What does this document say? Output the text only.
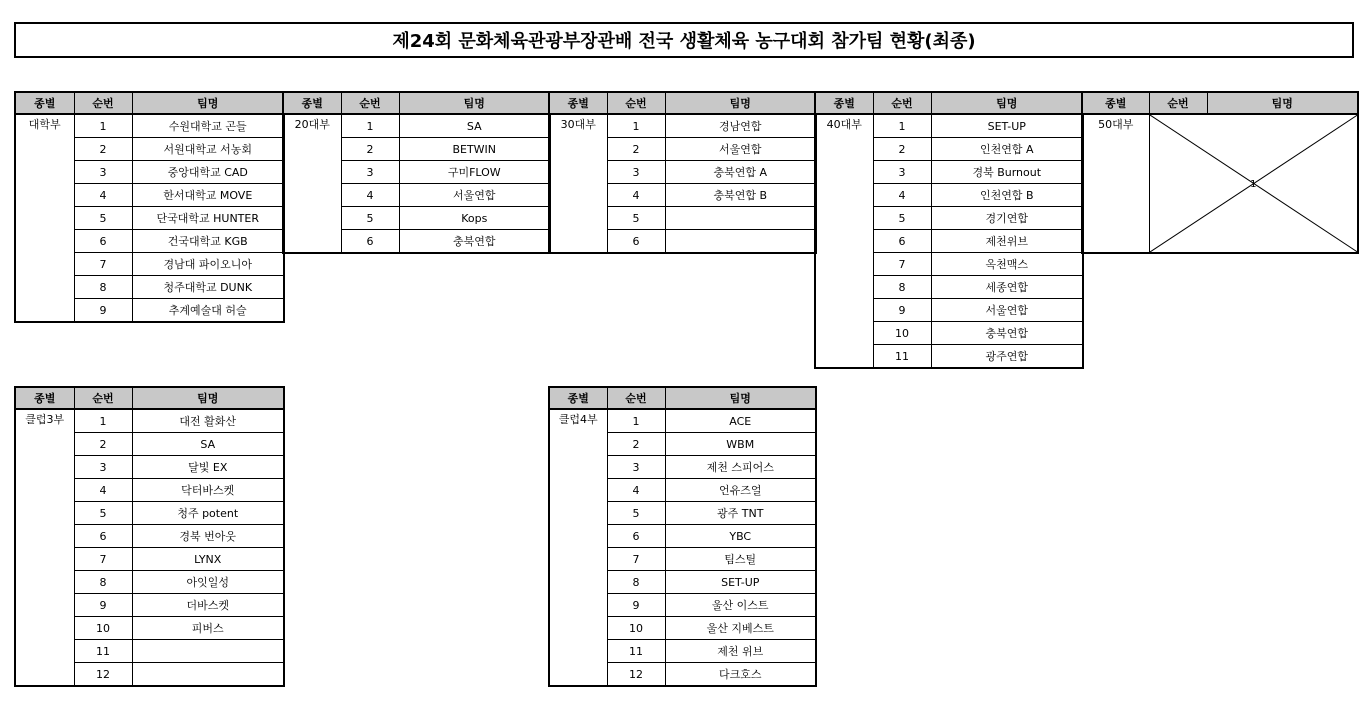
제24회 문화체육관광부장관배 전국 생활체육 농구대회 참가팀 현황(최종)
종별	순번	팀명
대학부	1	수원대학교 곤들
	2	서원대학교 서농회
	3	중앙대학교 CAD
	4	한서대학교 MOVE
	5	단국대학교 HUNTER
	6	건국대학교 KGB
	7	경남대 파이오니아
	8	청주대학교 DUNK
	9	추계예술대 허슬
종별	순번	팀명
20대부	1	SA
	2	BETWIN
	3	구미FLOW
	4	서울연합
	5	Kops
	6	충북연합
종별	순번	팀명
30대부	1	경남연합
	2	서울연합
	3	충북연합 A
	4	충북연합 B
	5	
	6	
종별	순번	팀명
40대부	1	SET-UP
	2	인천연합 A
	3	경북 Burnout
	4	인천연합 B
	5	경기연합
	6	제천위브
	7	옥천맥스
	8	세종연합
	9	서울연합
	10	충북연합
	11	광주연합
종별	순번	팀명
50대부	1	
종별	순번	팀명
클럽3부	1	대전 활화산
	2	SA
	3	달빛 EX
	4	닥터바스켓
	5	청주 potent
	6	경북 번아웃
	7	LYNX
	8	아잇일성
	9	더바스켓
	10	피버스
	11	
	12	
종별	순번	팀명
클럽4부	1	ACE
	2	WBM
	3	제천 스피어스
	4	언유즈얼
	5	광주 TNT
	6	YBC
	7	팀스틸
	8	SET-UP
	9	울산 이스트
	10	울산 지베스트
	11	제천 위브
	12	다크호스
